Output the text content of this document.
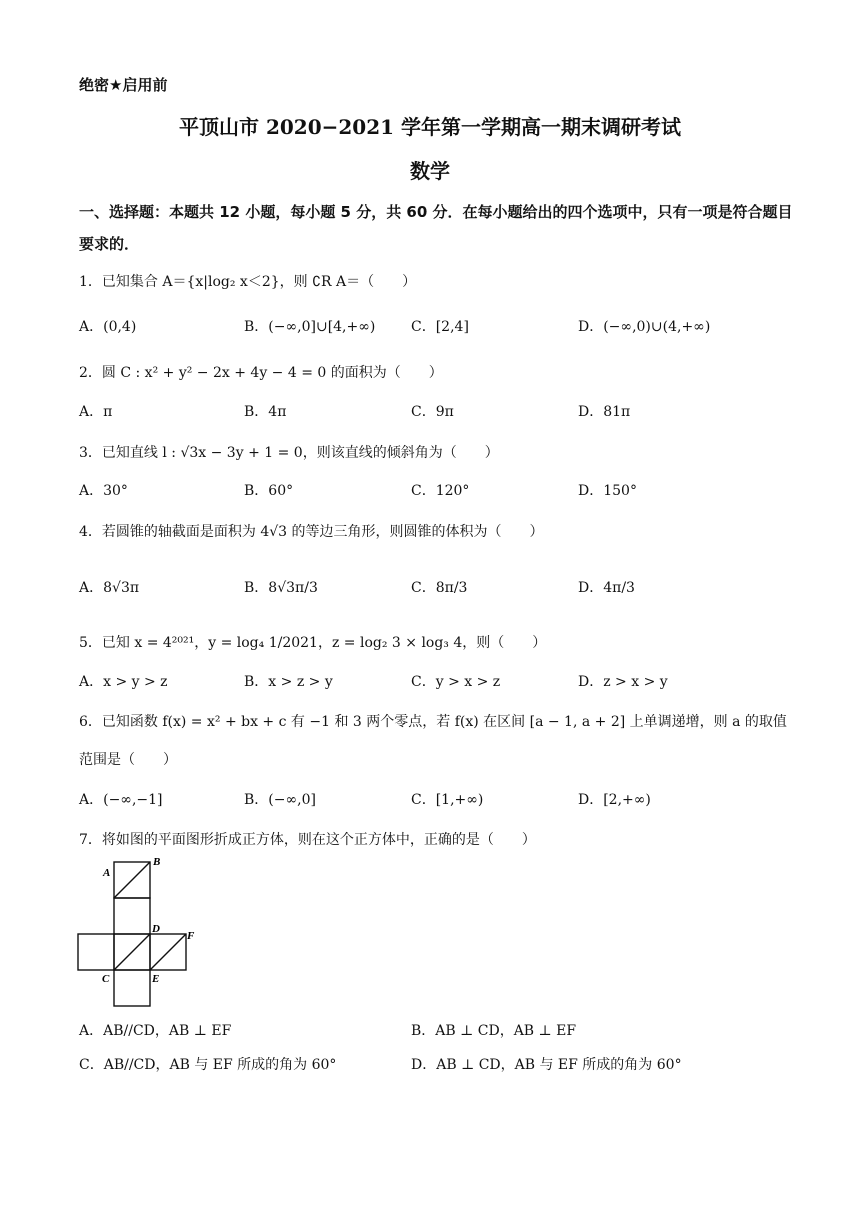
绝密★启用前
平顶山市 2020−2021 学年第一学期高一期末调研考试
数学
一、选择题：本题共 12 小题，每小题 5 分，共 60 分．在每小题给出的四个选项中，只有一项是符合题目要求的．
1．已知集合 A＝{x|log₂ x＜2}，则 ∁R A＝（　　）
A．(0,4)	B．(−∞,0]∪[4,+∞)	C．[2,4]	D．(−∞,0)∪(4,+∞)
2．圆 C : x² + y² − 2x + 4y − 4 = 0 的面积为（　　）
A．π	B．4π	C．9π	D．81π
3．已知直线 l : √3x − 3y + 1 = 0，则该直线的倾斜角为（　　）
A．30°	B．60°	C．120°	D．150°
4．若圆锥的轴截面是面积为 4√3 的等边三角形，则圆锥的体积为（　　）
A．8√3π	B．8√3π/3	C．8π/3	D．4π/3
5．已知 x = 4²⁰²¹，y = log₄ 1/2021，z = log₂ 3 × log₃ 4，则（　　）
A．x > y > z	B．x > z > y	C．y > x > z	D．z > x > y
6．已知函数 f(x) = x² + bx + c 有 −1 和 3 两个零点，若 f(x) 在区间 [a − 1, a + 2] 上单调递增，则 a 的取值
范围是（　　）
A．(−∞,−1]	B．(−∞,0]	C．[1,+∞)	D．[2,+∞)
7．将如图的平面图形折成正方体，则在这个正方体中，正确的是（　　）
B
A
D
F
C	E
A．AB//CD，AB ⊥ EF	B．AB ⊥ CD，AB ⊥ EF
C．AB//CD，AB 与 EF 所成的角为 60°	D．AB ⊥ CD，AB 与 EF 所成的角为 60°
